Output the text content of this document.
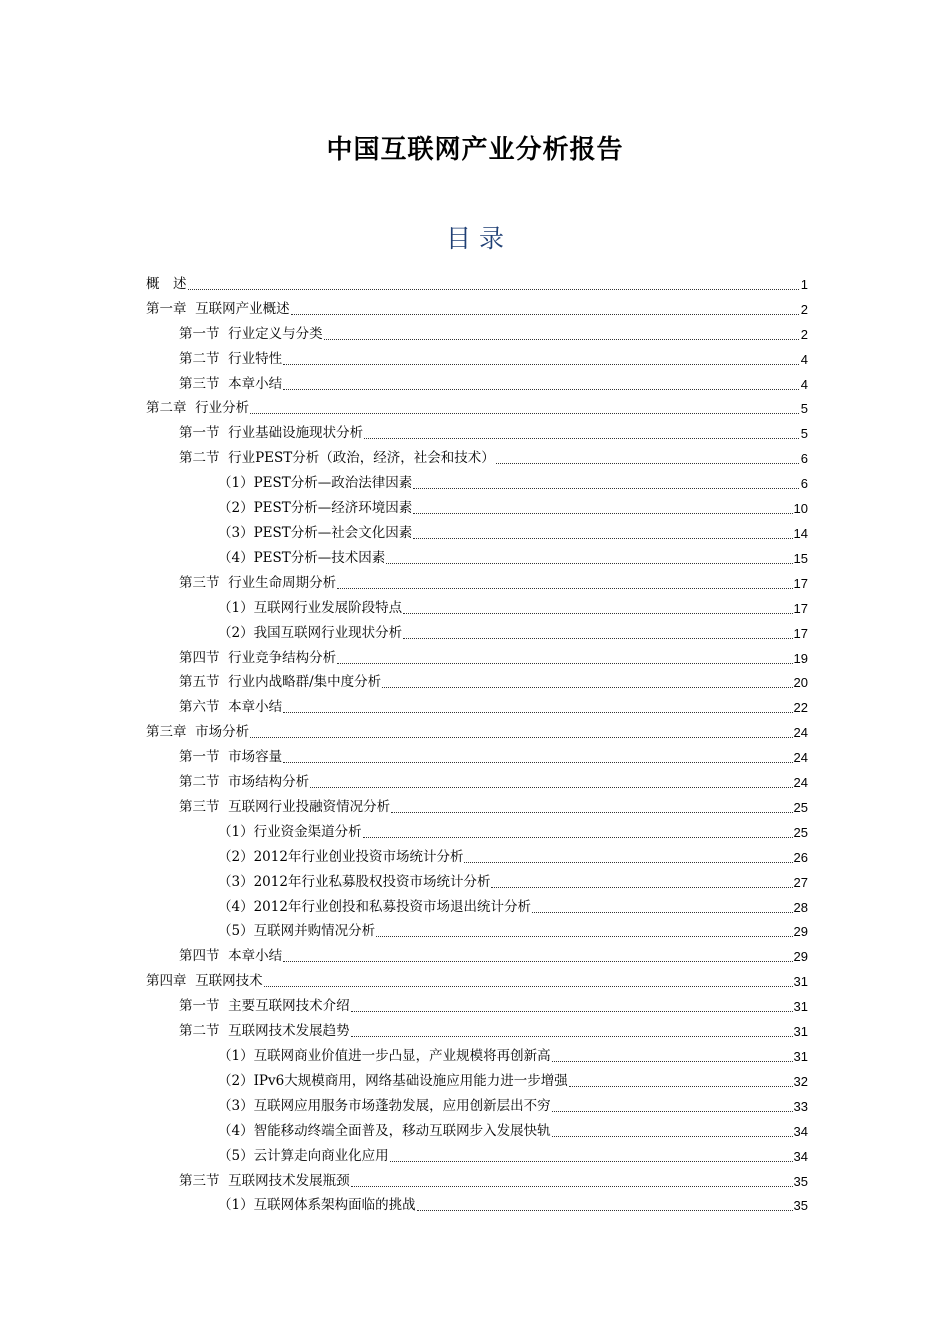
中国互联网产业分析报告
目 录
概　述	1
第一章  互联网产业概述	2
第一节  行业定义与分类	2
第二节  行业特性	4
第三节  本章小结	4
第二章  行业分析	5
第一节  行业基础设施现状分析	5
第二节  行业PEST分析（政治，经济，社会和技术）	6
（1）PEST分析—政治法律因素	6
（2）PEST分析—经济环境因素	10
（3）PEST分析—社会文化因素	14
（4）PEST分析—技术因素	15
第三节  行业生命周期分析	17
（1）互联网行业发展阶段特点	17
（2）我国互联网行业现状分析	17
第四节  行业竞争结构分析	19
第五节  行业内战略群/集中度分析	20
第六节  本章小结	22
第三章  市场分析	24
第一节  市场容量	24
第二节  市场结构分析	24
第三节  互联网行业投融资情况分析	25
（1）行业资金渠道分析	25
（2）2012年行业创业投资市场统计分析	26
（3）2012年行业私募股权投资市场统计分析	27
（4）2012年行业创投和私募投资市场退出统计分析	28
（5）互联网并购情况分析	29
第四节  本章小结	29
第四章  互联网技术	31
第一节  主要互联网技术介绍	31
第二节  互联网技术发展趋势	31
（1）互联网商业价值进一步凸显，产业规模将再创新高	31
（2）IPv6大规模商用，网络基础设施应用能力进一步增强	32
（3）互联网应用服务市场蓬勃发展，应用创新层出不穷	33
（4）智能移动终端全面普及，移动互联网步入发展快轨	34
（5）云计算走向商业化应用	34
第三节  互联网技术发展瓶颈	35
（1）互联网体系架构面临的挑战	35
